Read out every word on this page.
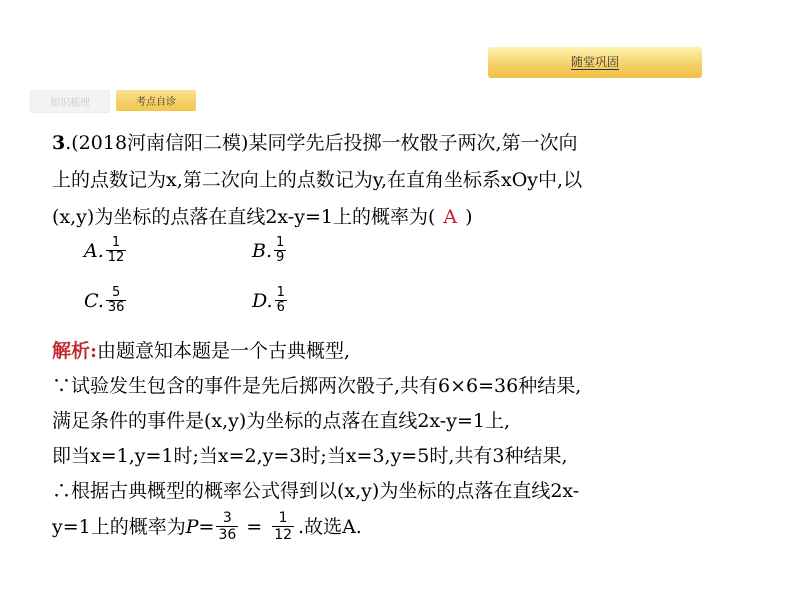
随堂巩固
知识梳理	考点自诊
3.(2018河南信阳二模)某同学先后投掷一枚骰子两次,第一次向
上的点数记为x,第二次向上的点数记为y,在直角坐标系xOy中,以
(x,y)为坐标的点落在直线2x-y=1上的概率为( A )
A. $\frac{1}{12}$	B. $\frac{1}{9}$
C. $\frac{5}{36}$	D. $\frac{1}{6}$
解析:由题意知本题是一个古典概型,
∵试验发生包含的事件是先后掷两次骰子,共有6×6=36种结果,
满足条件的事件是(x,y)为坐标的点落在直线2x-y=1上,
即当x=1,y=1时;当x=2,y=3时;当x=3,y=5时,共有3种结果,
∴根据古典概型的概率公式得到以(x,y)为坐标的点落在直线2x-
y=1上的概率为 $P= \frac{3}{36} = \frac{1}{12}$ .故选A.
